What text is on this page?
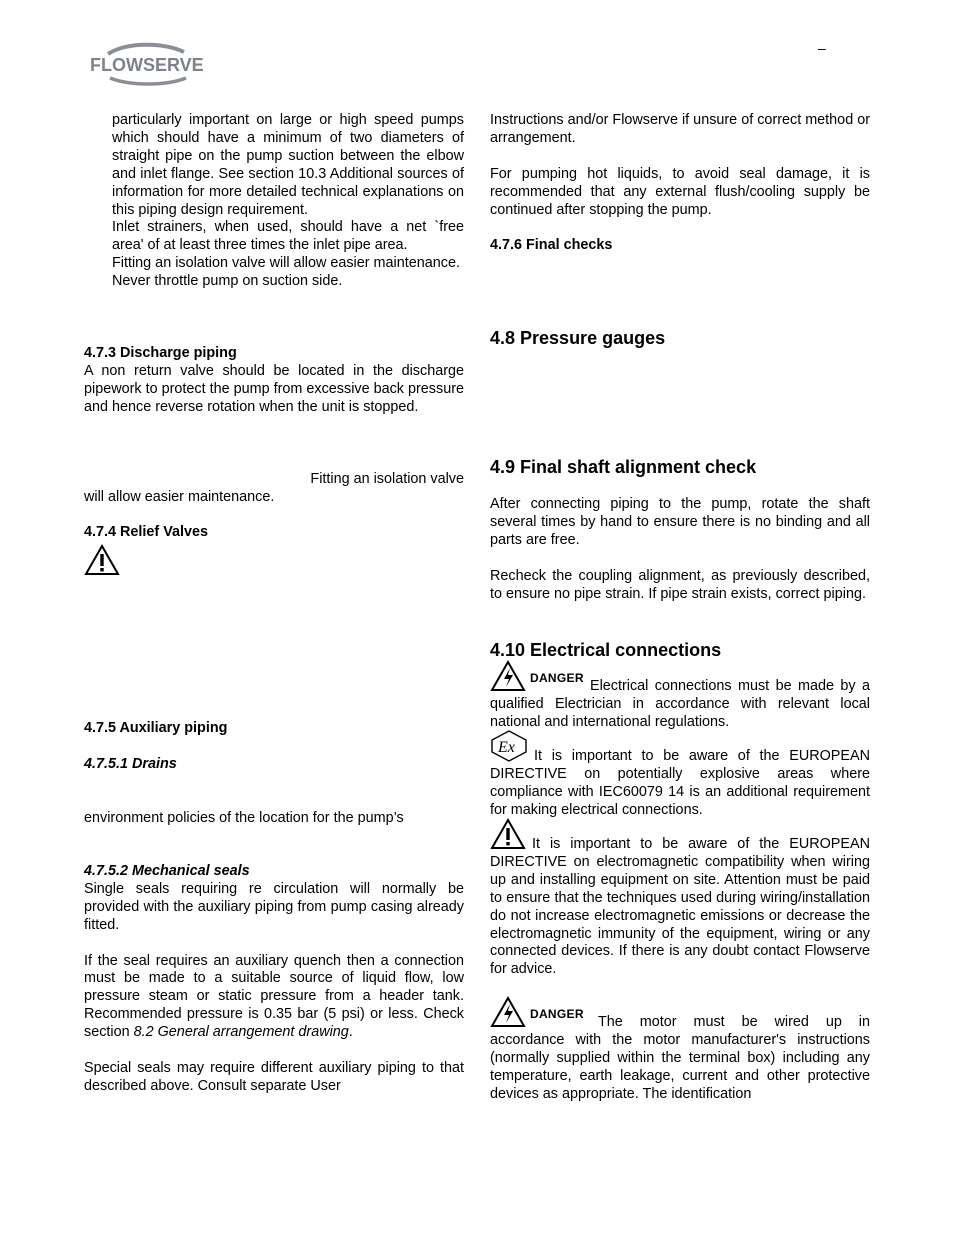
FLOWSERVE
–

particularly important on large or high speed pumps which should have a minimum of two diameters of straight pipe on the pump suction between the elbow and inlet flange. See section 10.3 Additional sources of information for more detailed technical explanations on this piping design requirement.

Inlet strainers, when used, should have a net `free area' of at least three times the inlet pipe area.

Fitting an isolation valve will allow easier maintenance.

Never throttle pump on suction side.

4.7.3 Discharge piping

A non return valve should be located in the discharge pipework to protect the pump from excessive back pressure and hence reverse rotation when the unit is stopped.

Fitting an isolation valve

will allow easier maintenance.

4.7.4 Relief Valves
4.7.5 Auxiliary piping
4.7.5.1 Drains

environment policies of the location for the pump’s

4.7.5.2 Mechanical seals

Single seals requiring re circulation will normally be provided with the auxiliary piping from pump casing already fitted.

If the seal requires an auxiliary quench then a connection must be made to a suitable source of liquid flow, low pressure steam or static pressure from a header tank. Recommended pressure is 0.35 bar (5 psi) or less. Check section 8.2 General arrangement drawing.

Special seals may require different auxiliary piping to that described above. Consult separate User

Instructions and/or Flowserve if unsure of correct method or arrangement.

For pumping hot liquids, to avoid seal damage, it is recommended that any external flush/cooling supply be continued after stopping the pump.

4.7.6 Final checks
4.8 Pressure gauges
4.9 Final shaft alignment check

After connecting piping to the pump, rotate the shaft several times by hand to ensure there is no binding and all parts are free.

Recheck the coupling alignment, as previously described, to ensure no pipe strain. If pipe strain exists, correct piping.

4.10 Electrical connections
DANGER Electrical connections must be made by a qualified Electrician in accordance with relevant local national and international regulations.

Ex	It is important to be aware of the EUROPEAN DIRECTIVE on potentially explosive areas where compliance with IEC60079 14 is an additional requirement for making electrical connections.

It is important to be aware of the EUROPEAN DIRECTIVE on electromagnetic compatibility when wiring up and installing equipment on site. Attention must be paid to ensure that the techniques used during wiring/installation do not increase electromagnetic emissions or decrease the electromagnetic immunity of the equipment, wiring or any connected devices. If there is any doubt contact Flowserve for advice.

DANGER The motor must be wired up in accordance with the motor manufacturer's instructions (normally supplied within the terminal box) including any temperature, earth leakage, current and other protective devices as appropriate. The identification
